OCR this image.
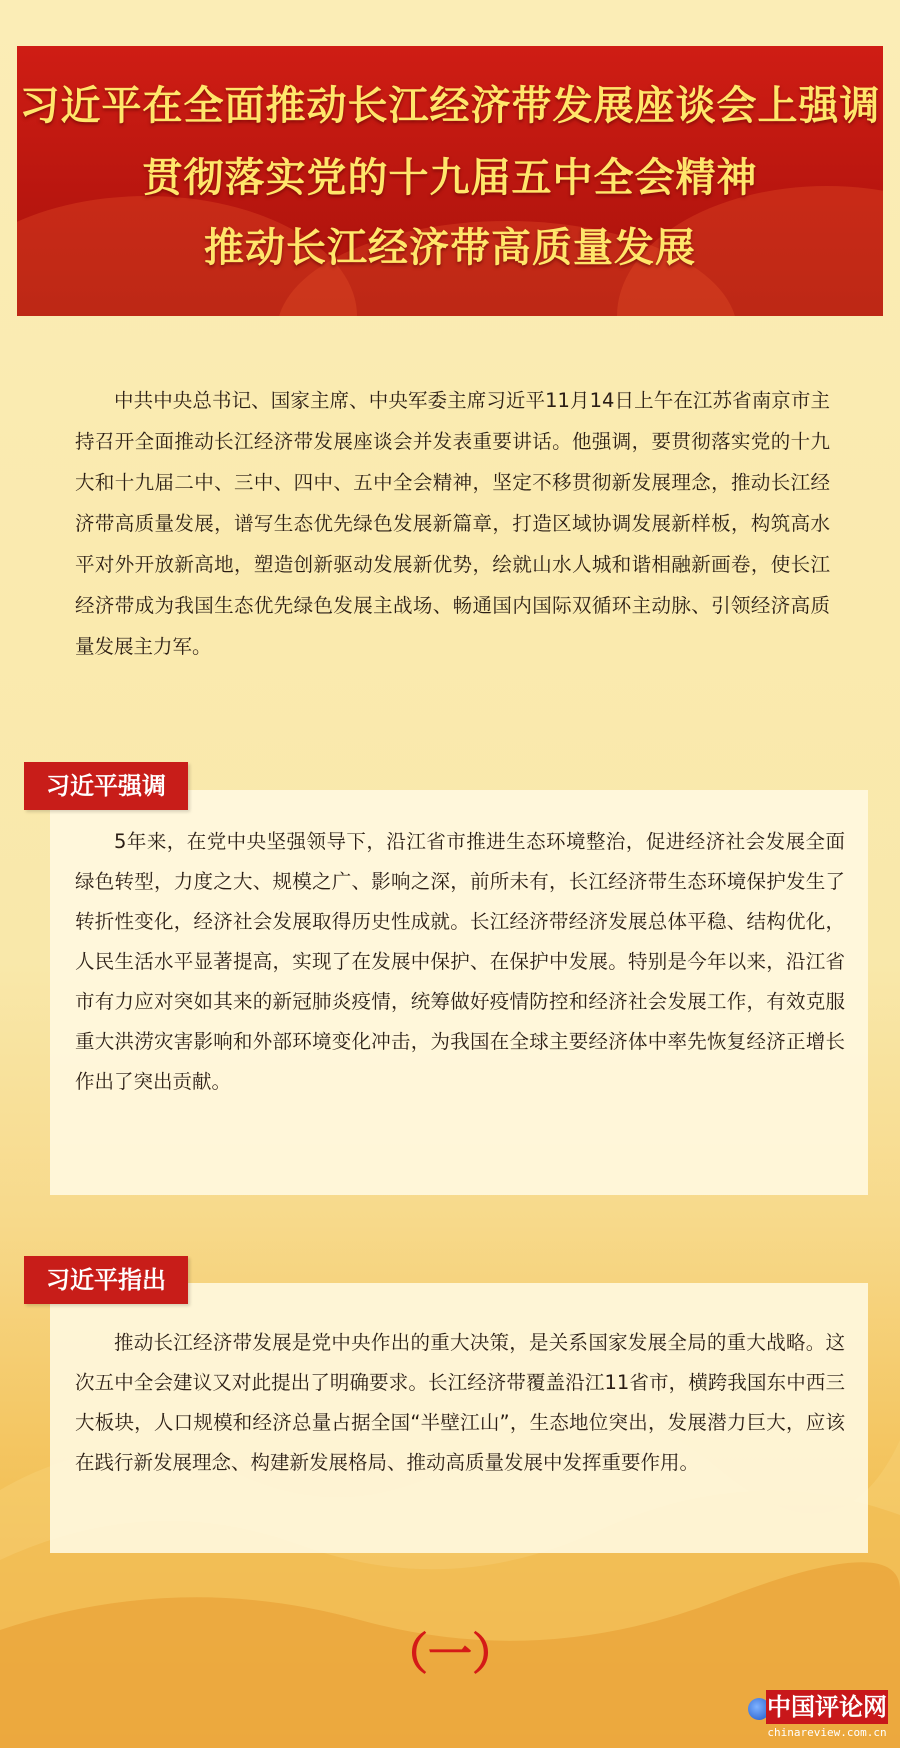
习近平在全面推动长江经济带发展座谈会上强调
贯彻落实党的十九届五中全会精神
推动长江经济带高质量发展
中共中央总书记、国家主席、中央军委主席习近平11月14日上午在江苏省南京市主持召开全面推动长江经济带发展座谈会并发表重要讲话。他强调，要贯彻落实党的十九大和十九届二中、三中、四中、五中全会精神，坚定不移贯彻新发展理念，推动长江经济带高质量发展，谱写生态优先绿色发展新篇章，打造区域协调发展新样板，构筑高水平对外开放新高地，塑造创新驱动发展新优势，绘就山水人城和谐相融新画卷，使长江经济带成为我国生态优先绿色发展主战场、畅通国内国际双循环主动脉、引领经济高质量发展主力军。
5年来，在党中央坚强领导下，沿江省市推进生态环境整治，促进经济社会发展全面绿色转型，力度之大、规模之广、影响之深，前所未有，长江经济带生态环境保护发生了转折性变化，经济社会发展取得历史性成就。长江经济带经济发展总体平稳、结构优化，人民生活水平显著提高，实现了在发展中保护、在保护中发展。特别是今年以来，沿江省市有力应对突如其来的新冠肺炎疫情，统筹做好疫情防控和经济社会发展工作，有效克服重大洪涝灾害影响和外部环境变化冲击，为我国在全球主要经济体中率先恢复经济正增长作出了突出贡献。
习近平强调
推动长江经济带发展是党中央作出的重大决策，是关系国家发展全局的重大战略。这次五中全会建议又对此提出了明确要求。长江经济带覆盖沿江11省市，横跨我国东中西三大板块，人口规模和经济总量占据全国“半壁江山”，生态地位突出，发展潜力巨大，应该在践行新发展理念、构建新发展格局、推动高质量发展中发挥重要作用。
习近平指出
（一）
中国评论网
chinareview.com.cn
